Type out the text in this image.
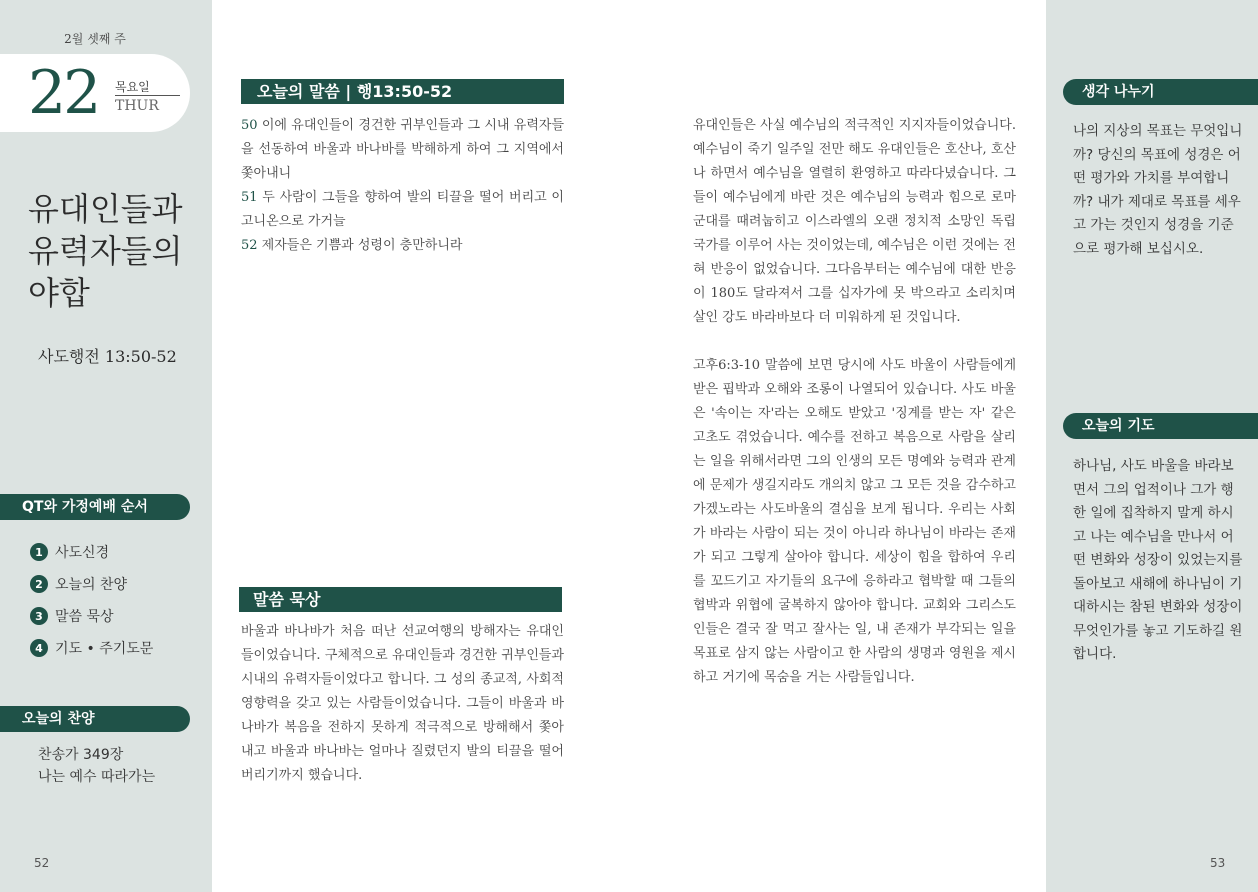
2월 셋째 주
22 목요일
THUR
유대인들과
유력자들의
야합
사도행전 13:50-52
QT와 가정예배 순서
1 사도신경
2 오늘의 찬양
3 말씀 묵상
4 기도 • 주기도문
오늘의 찬양
찬송가 349장
나는 예수 따라가는
52
오늘의 말씀 | 행13:50-52

50 이에 유대인들이 경건한 귀부인들과 그 시내 유력자들을 선동하여 바울과 바나바를 박해하게 하여 그 지역에서 쫓아내니

51 두 사람이 그들을 향하여 발의 티끌을 떨어 버리고 이고니온으로 가거늘

52 제자들은 기쁨과 성령이 충만하니라

말씀 묵상
바울과 바나바가 처음 떠난 선교여행의 방해자는 유대인들이었습니다. 구체적으로 유대인들과 경건한 귀부인들과 시내의 유력자들이었다고 합니다. 그 성의 종교적, 사회적 영향력을 갖고 있는 사람들이었습니다. 그들이 바울과 바나바가 복음을 전하지 못하게 적극적으로 방해해서 쫓아내고 바울과 바나바는 얼마나 질렸던지 발의 티끌을 떨어버리기까지 했습니다.

유대인들은 사실 예수님의 적극적인 지지자들이었습니다. 예수님이 죽기 일주일 전만 해도 유대인들은 호산나, 호산나 하면서 예수님을 열렬히 환영하고 따라다녔습니다. 그들이 예수님에게 바란 것은 예수님의 능력과 힘으로 로마 군대를 때려눕히고 이스라엘의 오랜 정치적 소망인 독립 국가를 이루어 사는 것이었는데, 예수님은 이런 것에는 전혀 반응이 없었습니다. 그다음부터는 예수님에 대한 반응이 180도 달라져서 그를 십자가에 못 박으라고 소리치며 살인 강도 바라바보다 더 미워하게 된 것입니다.

고후6:3-10 말씀에 보면 당시에 사도 바울이 사람들에게 받은 핍박과 오해와 조롱이 나열되어 있습니다. 사도 바울은 '속이는 자'라는 오해도 받았고 '징계를 받는 자' 같은 고초도 겪었습니다. 예수를 전하고 복음으로 사람을 살리는 일을 위해서라면 그의 인생의 모든 명예와 능력과 관계에 문제가 생길지라도 개의치 않고 그 모든 것을 감수하고 가겠노라는 사도바울의 결심을 보게 됩니다. 우리는 사회가 바라는 사람이 되는 것이 아니라 하나님이 바라는 존재가 되고 그렇게 살아야 합니다. 세상이 힘을 합하여 우리를 꼬드기고 자기들의 요구에 응하라고 협박할 때 그들의 협박과 위협에 굴복하지 않아야 합니다. 교회와 그리스도인들은 결국 잘 먹고 잘사는 일, 내 존재가 부각되는 일을 목표로 삼지 않는 사람이고 한 사람의 생명과 영원을 제시하고 거기에 목숨을 거는 사람들입니다.

생각 나누기
나의 지상의 목표는 무엇입니까? 당신의 목표에 성경은 어떤 평가와 가치를 부여합니까? 내가 제대로 목표를 세우고 가는 것인지 성경을 기준으로 평가해 보십시오.
오늘의 기도
하나님, 사도 바울을 바라보면서 그의 업적이나 그가 행한 일에 집착하지 말게 하시고 나는 예수님을 만나서 어떤 변화와 성장이 있었는지를 돌아보고 새해에 하나님이 기대하시는 참된 변화와 성장이 무엇인가를 놓고 기도하길 원합니다.
53
